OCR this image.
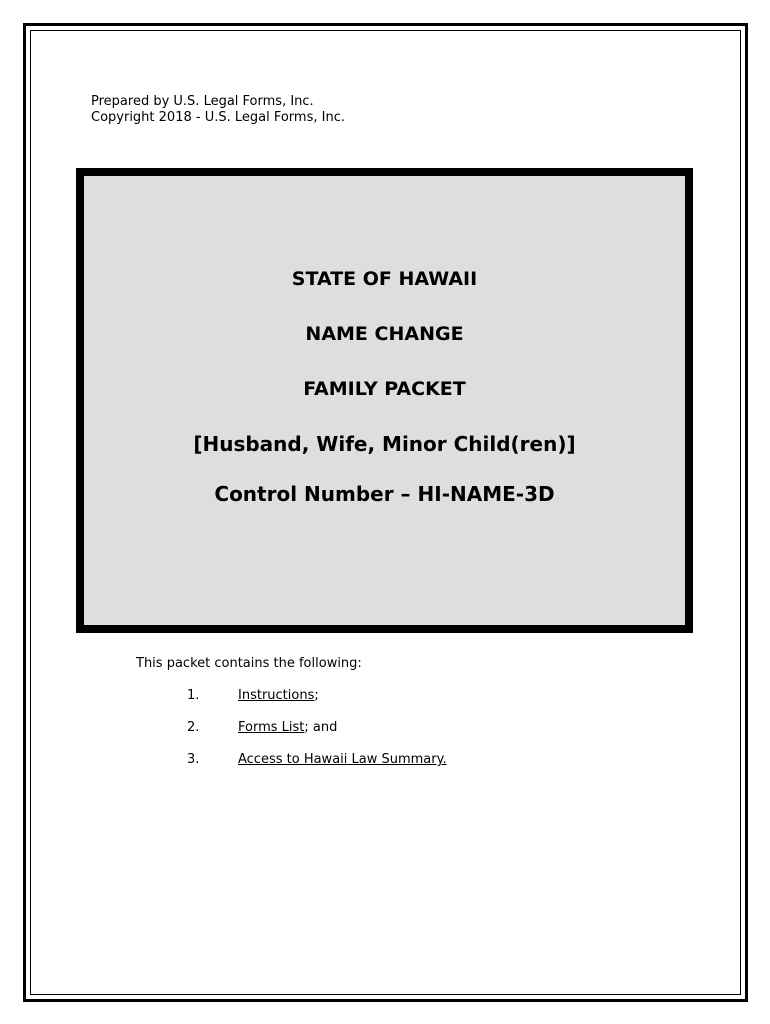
Prepared by U.S. Legal Forms, Inc.
Copyright 2018 - U.S. Legal Forms, Inc.
STATE OF HAWAII
NAME CHANGE
FAMILY PACKET
[Husband, Wife, Minor Child(ren)]
Control Number – HI-NAME-3D
This packet contains the following:
1.	Instructions;
2.	Forms List; and
3.	Access to Hawaii Law Summary.
